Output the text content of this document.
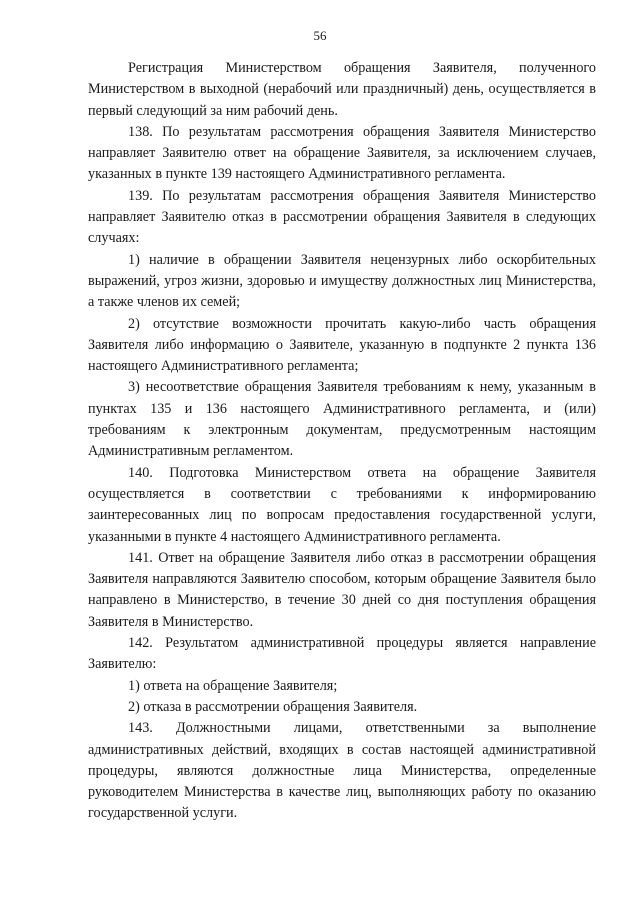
56

Регистрация Министерством обращения Заявителя, полученного Министерством в выходной (нерабочий или праздничный) день, осуществляется в первый следующий за ним рабочий день.

138. По результатам рассмотрения обращения Заявителя Министерство направляет Заявителю ответ на обращение Заявителя, за исключением случаев, указанных в пункте 139 настоящего Административного регламента.

139. По результатам рассмотрения обращения Заявителя Министерство направляет Заявителю отказ в рассмотрении обращения Заявителя в следующих случаях:

1) наличие в обращении Заявителя нецензурных либо оскорбительных выражений, угроз жизни, здоровью и имуществу должностных лиц Министерства, а также членов их семей;

2) отсутствие возможности прочитать какую-либо часть обращения Заявителя либо информацию о Заявителе, указанную в подпункте 2 пункта 136 настоящего Административного регламента;

3) несоответствие обращения Заявителя требованиям к нему, указанным в пунктах 135 и 136 настоящего Административного регламента, и (или) требованиям к электронным документам, предусмотренным настоящим Административным регламентом.

140. Подготовка Министерством ответа на обращение Заявителя осуществляется в соответствии с требованиями к информированию заинтересованных лиц по вопросам предоставления государственной услуги, указанными в пункте 4 настоящего Административного регламента.

141. Ответ на обращение Заявителя либо отказ в рассмотрении обращения Заявителя направляются Заявителю способом, которым обращение Заявителя было направлено в Министерство, в течение 30 дней со дня поступления обращения Заявителя в Министерство.

142. Результатом административной процедуры является направление Заявителю:

1) ответа на обращение Заявителя;

2) отказа в рассмотрении обращения Заявителя.

143. Должностными лицами, ответственными за выполнение административных действий, входящих в состав настоящей административной процедуры, являются должностные лица Министерства, определенные руководителем Министерства в качестве лиц, выполняющих работу по оказанию государственной услуги.
